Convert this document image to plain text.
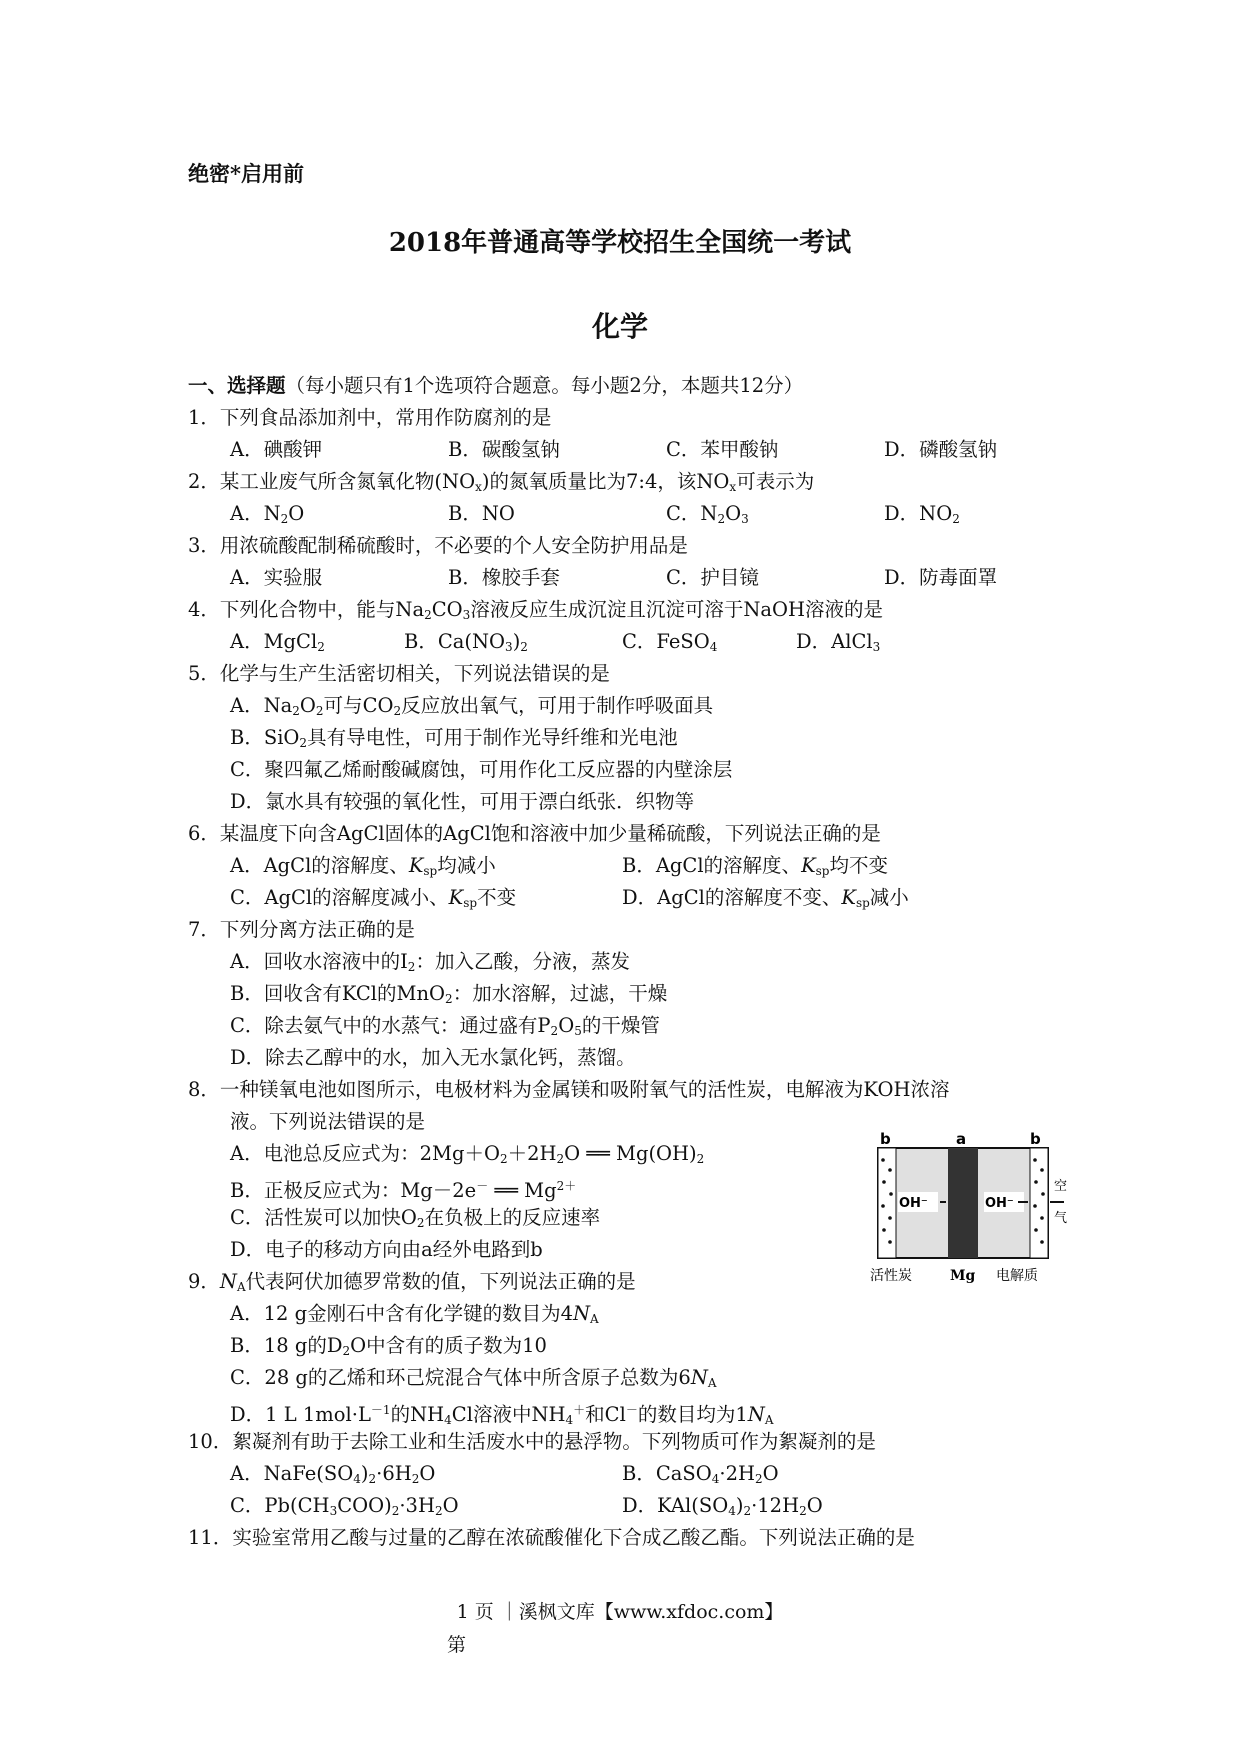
绝密*启用前
2018年普通高等学校招生全国统一考试
化学
一、选择题（每小题只有1个选项符合题意。每小题2分，本题共12分）
1．下列食品添加剂中，常用作防腐剂的是
A．碘酸钾	B．碳酸氢钠	C．苯甲酸钠	D．磷酸氢钠
2．某工业废气所含氮氧化物$(NO_x)$的氮氧质量比为7:4，该$NO_x$可表示为
A．$N_2O$	B．NO	C．$N_2O_3$	D．$NO_2$
3．用浓硫酸配制稀硫酸时，不必要的个人安全防护用品是
A．实验服	B．橡胶手套	C．护目镜	D．防毒面罩
4．下列化合物中，能与$Na_2CO_3$溶液反应生成沉淀且沉淀可溶于NaOH溶液的是
A．MgCl$_2$	B．$Ca(NO_3)_2$	C．FeSO$_4$	D．AlCl$_3$
5．化学与生产生活密切相关，下列说法错误的是
A．$Na_2O_2$可与$CO_2$反应放出氧气，可用于制作呼吸面具
B．SiO$_2$具有导电性，可用于制作光导纤维和光电池
C．聚四氟乙烯耐酸碱腐蚀，可用作化工反应器的内壁涂层
D．氯水具有较强的氧化性，可用于漂白纸张．织物等
6．某温度下向含AgCl固体的AgCl饱和溶液中加少量稀硫酸，下列说法正确的是
A．AgCl的溶解度、$K_{sp}$均减小	B．AgCl的溶解度、$K_{sp}$均不变
C．AgCl的溶解度减小、$K_{sp}$不变	D．AgCl的溶解度不变、$K_{sp}$减小
7．下列分离方法正确的是
A．回收水溶液中的$I_2$：加入乙酸，分液，蒸发
B．回收含有KCl的MnO$_2$：加水溶解，过滤，干燥
C．除去氨气中的水蒸气：通过盛有$P_2O_5$的干燥管
D．除去乙醇中的水，加入无水氯化钙，蒸馏。
8．一种镁氧电池如图所示，电极材料为金属镁和吸附氧气的活性炭，电解液为KOH浓溶
液。下列说法错误的是
A．电池总反应式为：$2Mg+O_2+2H_2O$ ══ $Mg(OH)_2$
B．正极反应式为：Mg－2e－ ══ $Mg^{2+}$
C．活性炭可以加快$O_2$在负极上的反应速率
D．电子的移动方向由a经外电路到b
b	a	b
OH⁻	OH⁻
空
气
活性炭	Mg 电解质
9．$N_A$代表阿伏加德罗常数的值，下列说法正确的是
A．12 g金刚石中含有化学键的数目为$4N_A$
B．18 g的$D_2O$中含有的质子数为10
C．28 g的乙烯和环己烷混合气体中所含原子总数为$6N_A$
D．1 L $1mol\cdot L^{-1}$的$NH_4Cl$溶液中$NH_4^+$和Cl－的数目均为$1N_A$
10．絮凝剂有助于去除工业和生活废水中的悬浮物。下列物质可作为絮凝剂的是
A．$NaFe(SO_4)_2\cdot 6H_2O$	B．$CaSO_4\cdot 2H_2O$
C．$Pb(CH_3COO)_2\cdot 3H_2O$	D．$KAl(SO_4)_2\cdot 12H_2O$
11．实验室常用乙酸与过量的乙醇在浓硫酸催化下合成乙酸乙酯。下列说法正确的是
1 页 ｜溪枫文库【www.xfdoc.com】
第
